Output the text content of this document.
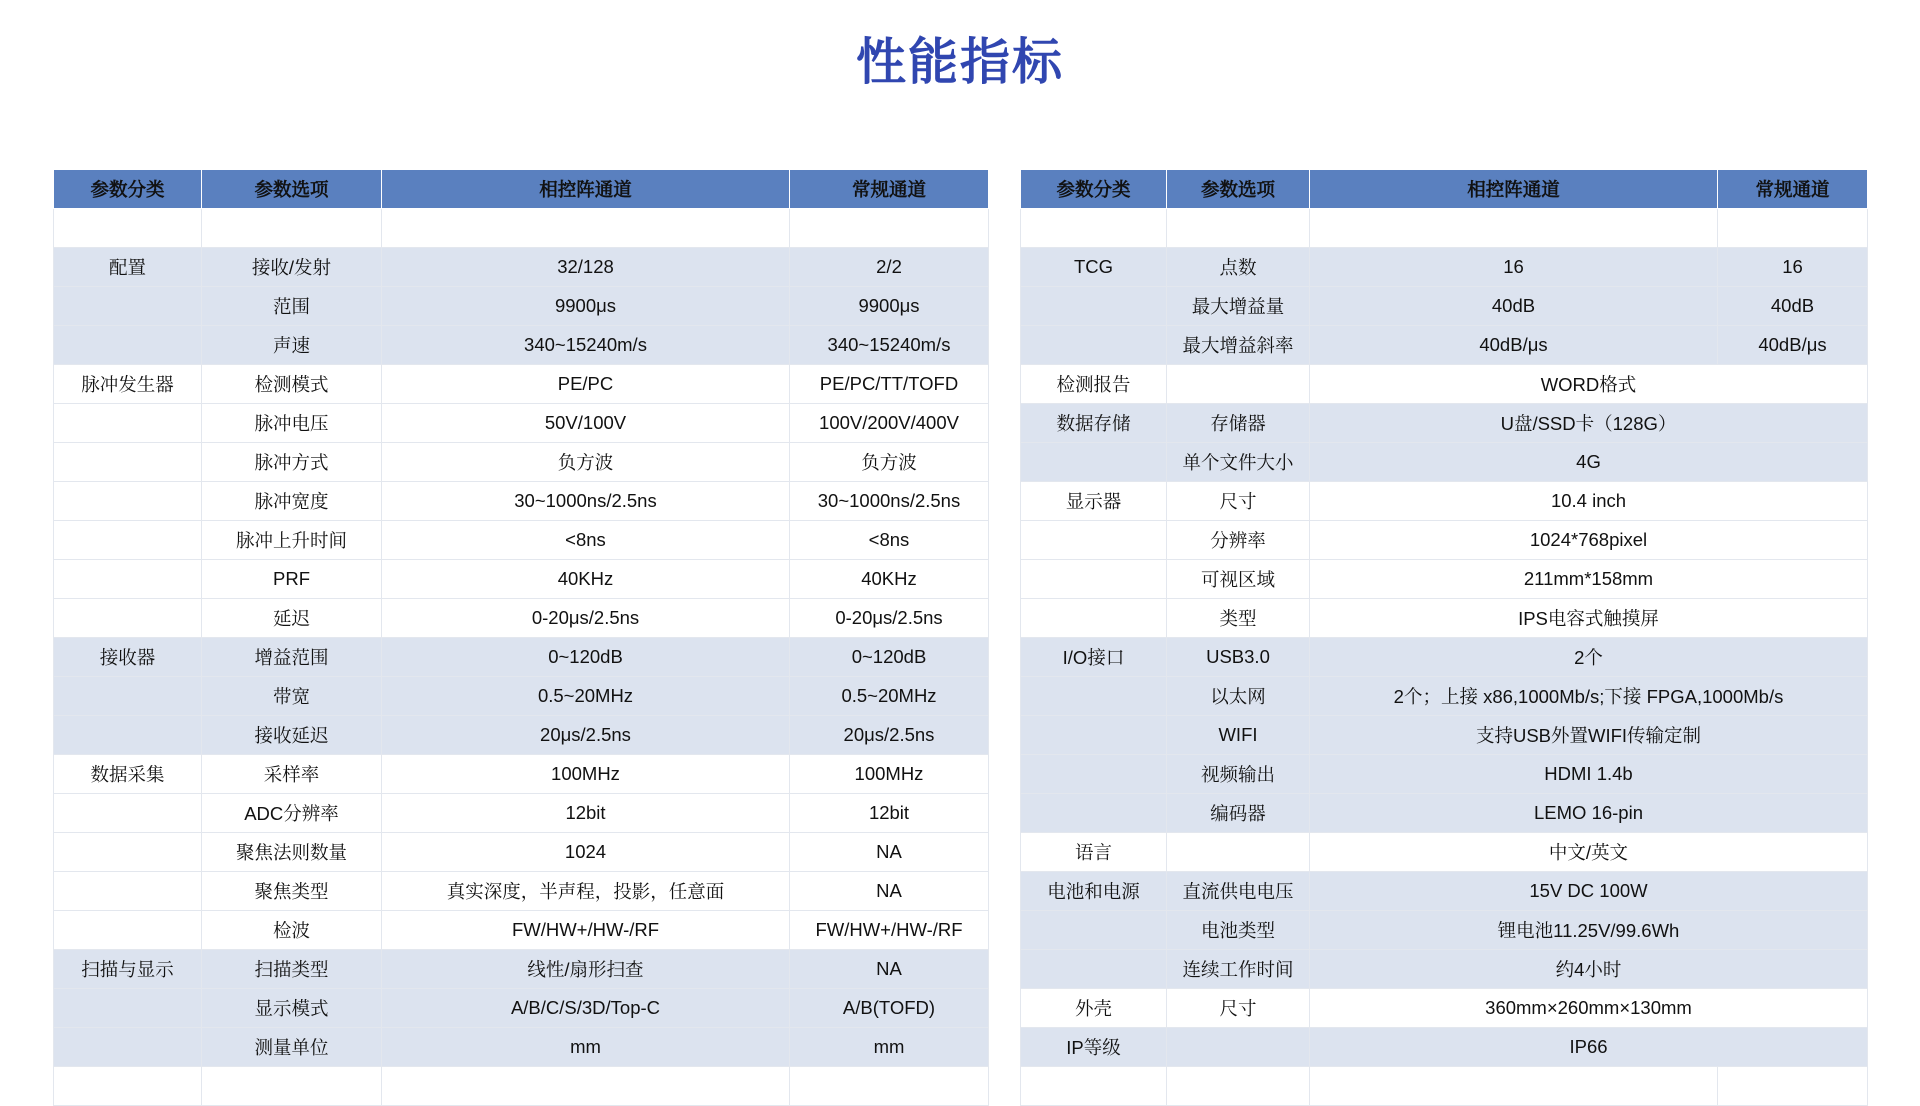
性能指标
参数分类	参数选项	相控阵通道	常规通道

配置	接收/发射	32/128	2/2
	范围	9900μs	9900μs
	声速	340~15240m/s	340~15240m/s
脉冲发生器	检测模式	PE/PC	PE/PC/TT/TOFD
	脉冲电压	50V/100V	100V/200V/400V
	脉冲方式	负方波	负方波
	脉冲宽度	30~1000ns/2.5ns	30~1000ns/2.5ns
	脉冲上升时间	<8ns	<8ns
	PRF	40KHz	40KHz
	延迟	0-20μs/2.5ns	0-20μs/2.5ns
接收器	增益范围	0~120dB	0~120dB
	带宽	0.5~20MHz	0.5~20MHz
	接收延迟	20μs/2.5ns	20μs/2.5ns
数据采集	采样率	100MHz	100MHz
	ADC分辨率	12bit	12bit
	聚焦法则数量	1024	NA
	聚焦类型	真实深度，半声程，投影，任意面	NA
	检波	FW/HW+/HW-/RF	FW/HW+/HW-/RF
扫描与显示	扫描类型	线性/扇形扫查	NA
	显示模式	A/B/C/S/3D/Top-C	A/B(TOFD)
	测量单位	mm	mm

参数分类	参数选项	相控阵通道	常规通道

TCG	点数	16	16
	最大增益量	40dB	40dB
	最大增益斜率	40dB/μs	40dB/μs
检测报告		WORD格式	
数据存储	存储器	U盘/SSD卡（128G）	
	单个文件大小	4G	
显示器	尺寸	10.4 inch	
	分辨率	1024*768pixel	
	可视区域	211mm*158mm	
	类型	IPS电容式触摸屏	
I/O接口	USB3.0	2个	
	以太网	2个；上接 x86,1000Mb/s;下接 FPGA,1000Mb/s	
	WIFI	支持USB外置WIFI传输定制	
	视频输出	HDMI 1.4b	
	编码器	LEMO 16-pin	
语言		中文/英文	
电池和电源	直流供电电压	15V DC 100W	
	电池类型	锂电池11.25V/99.6Wh	
	连续工作时间	约4小时	
外壳	尺寸	360mm×260mm×130mm	
IP等级		IP66	
